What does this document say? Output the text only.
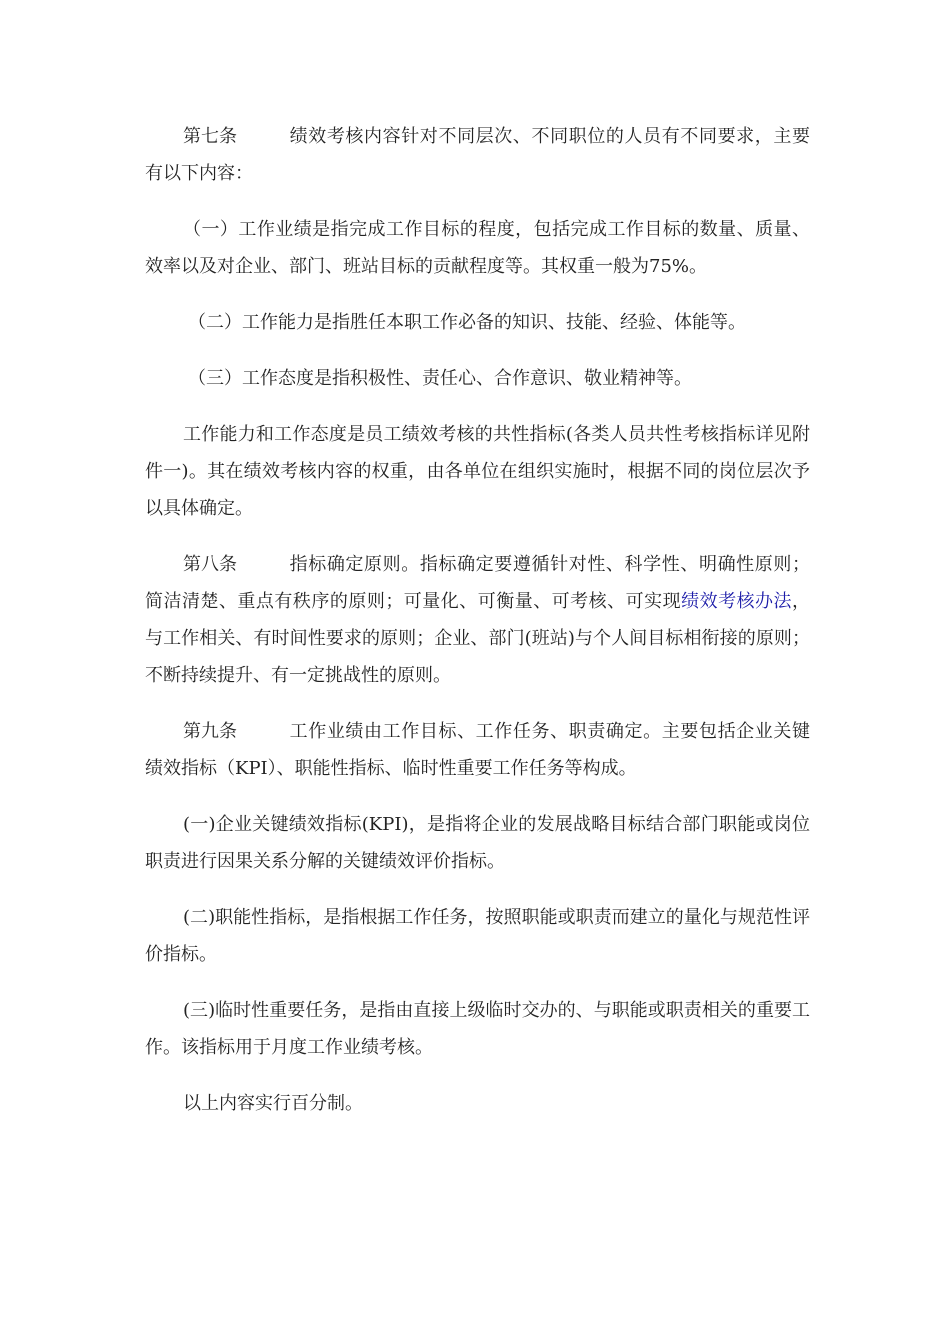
第七条	绩效考核内容针对不同层次、不同职位的人员有不同要求，主要有以下内容：

（一）工作业绩是指完成工作目标的程度，包括完成工作目标的数量、质量、效率以及对企业、部门、班站目标的贡献程度等。其权重一般为75%。

（二）工作能力是指胜任本职工作必备的知识、技能、经验、体能等。

（三）工作态度是指积极性、责任心、合作意识、敬业精神等。

工作能力和工作态度是员工绩效考核的共性指标(各类人员共性考核指标详见附件一)。其在绩效考核内容的权重，由各单位在组织实施时，根据不同的岗位层次予以具体确定。

第八条	指标确定原则。指标确定要遵循针对性、科学性、明确性原则；简洁清楚、重点有秩序的原则；可量化、可衡量、可考核、可实现绩效考核办法，与工作相关、有时间性要求的原则；企业、部门(班站)与个人间目标相衔接的原则；不断持续提升、有一定挑战性的原则。

第九条	工作业绩由工作目标、工作任务、职责确定。主要包括企业关键绩效指标（KPI）、职能性指标、临时性重要工作任务等构成。

(一)企业关键绩效指标(KPI)，是指将企业的发展战略目标结合部门职能或岗位职责进行因果关系分解的关键绩效评价指标。

(二)职能性指标，是指根据工作任务，按照职能或职责而建立的量化与规范性评价指标。

(三)临时性重要任务，是指由直接上级临时交办的、与职能或职责相关的重要工作。该指标用于月度工作业绩考核。

以上内容实行百分制。
